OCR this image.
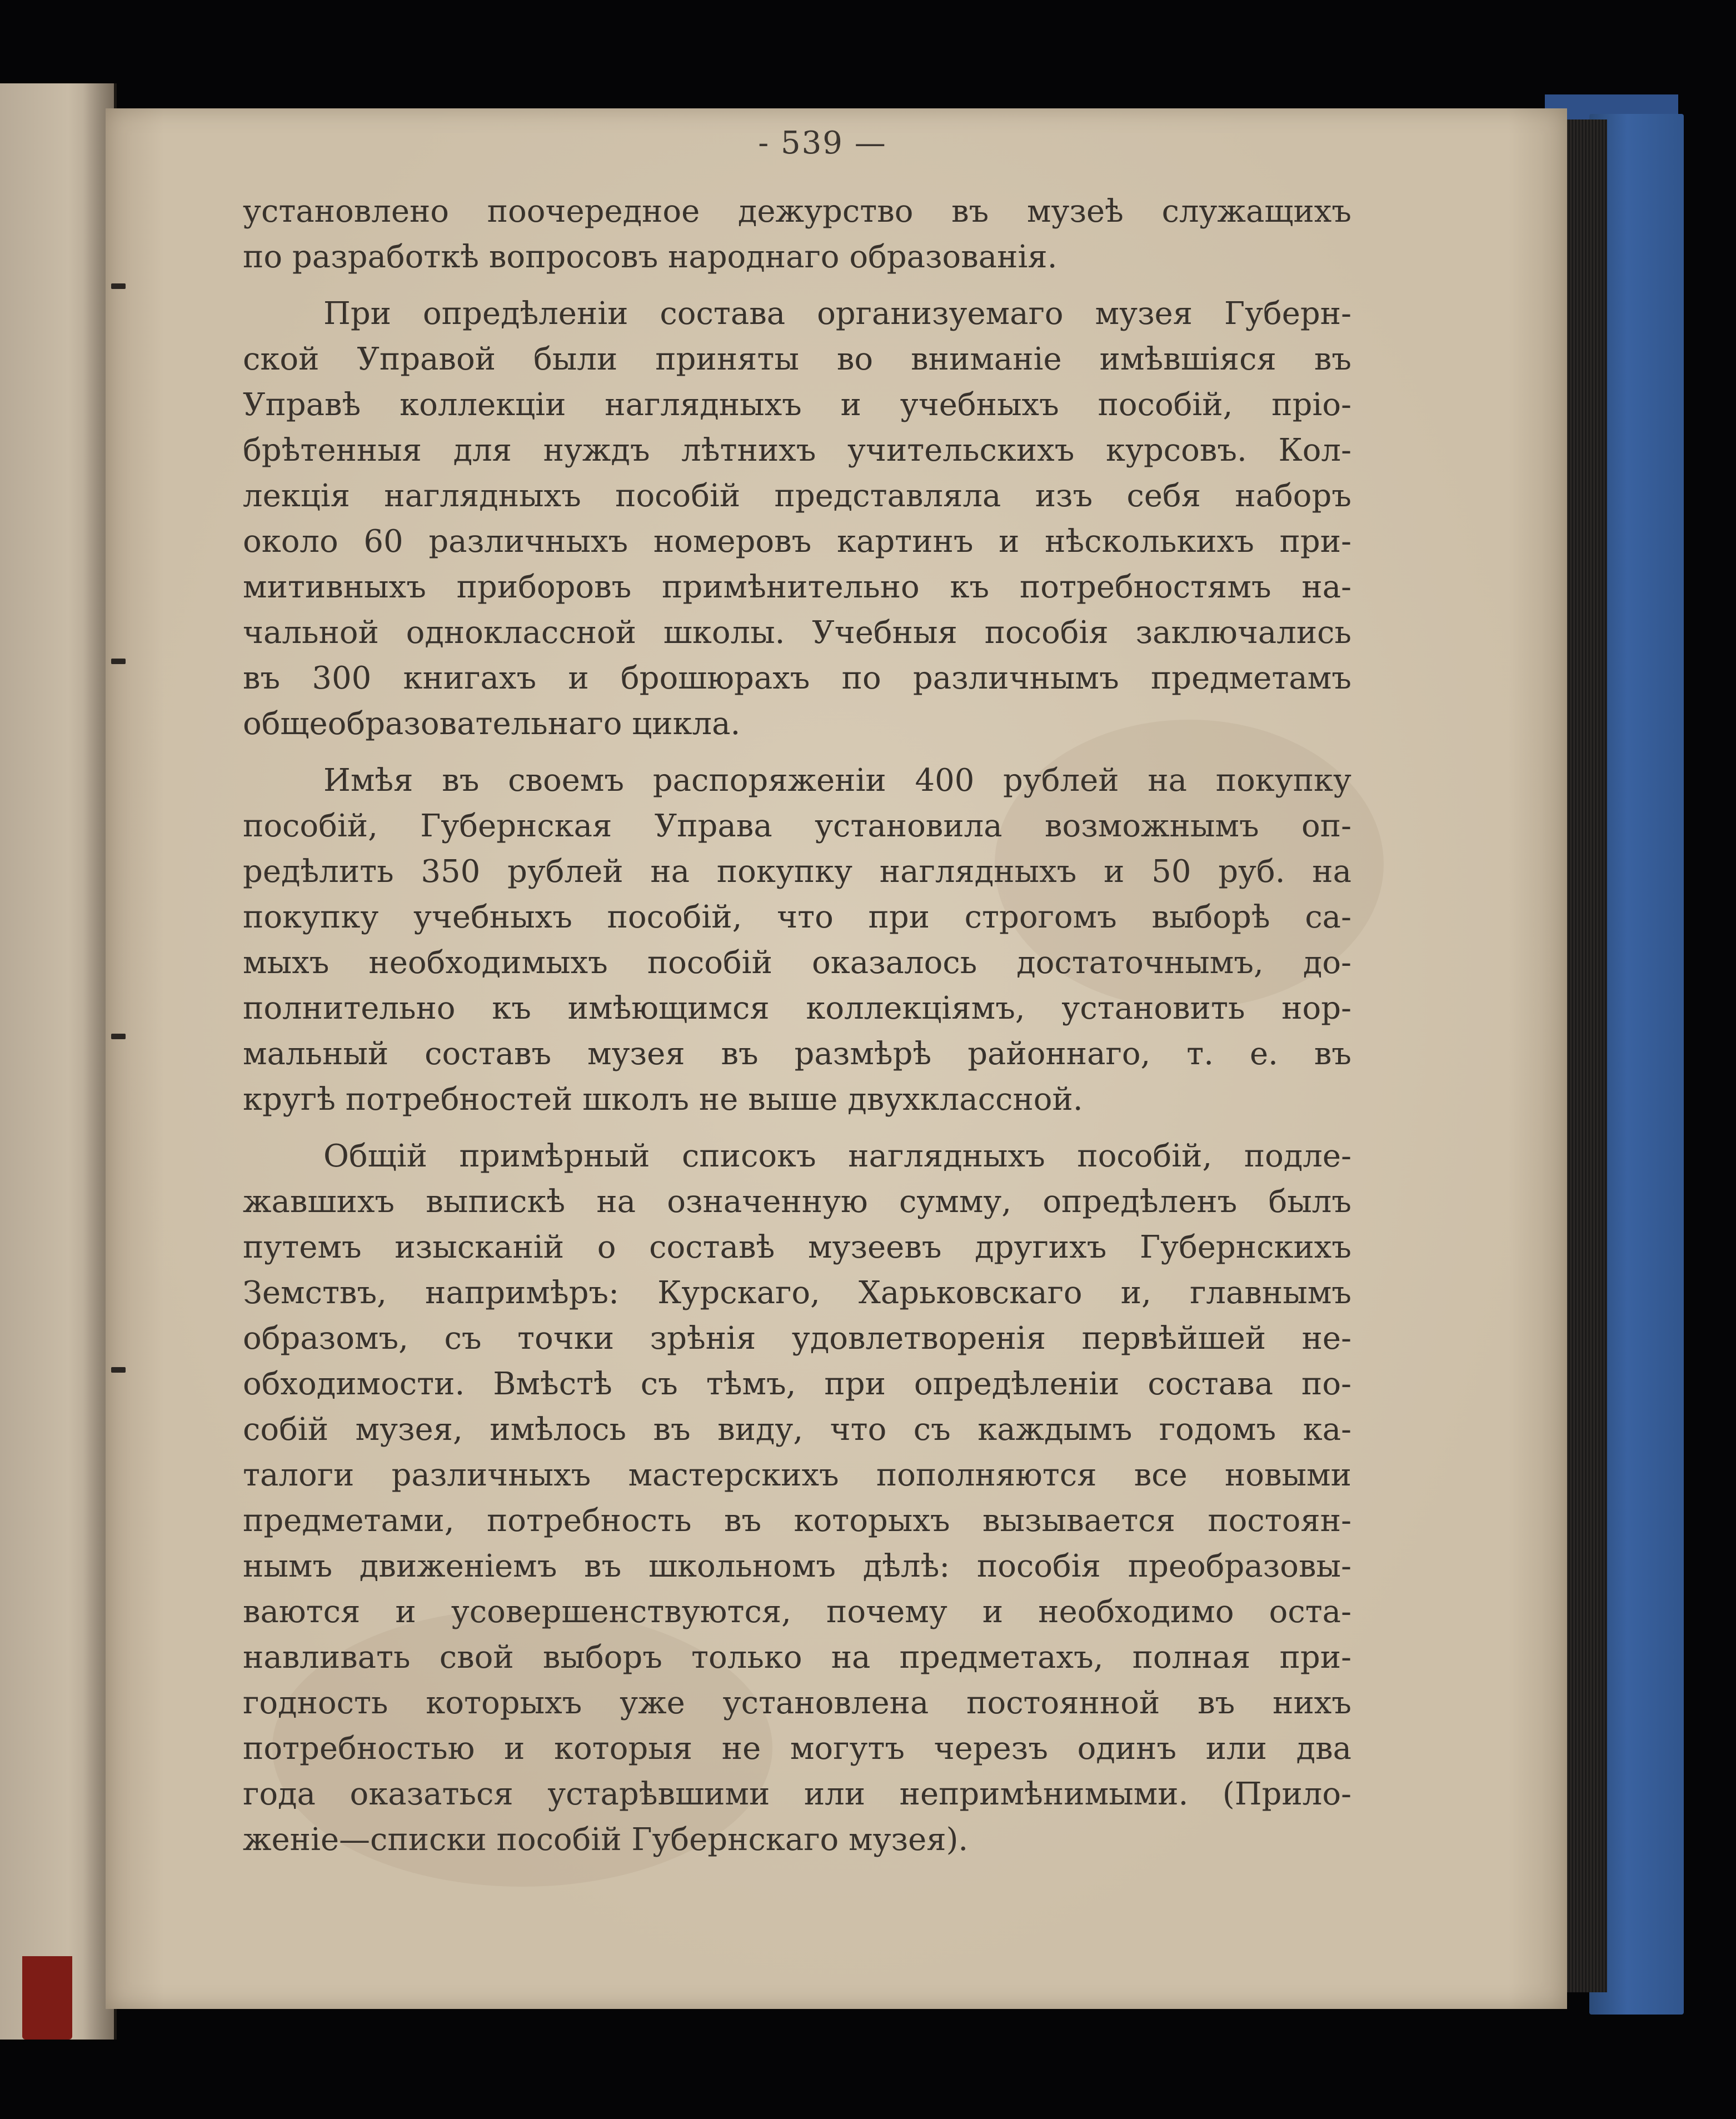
- 539 —
установлено поочередное дежурство въ музеѣ служащихъ
по разработкѣ вопросовъ народнаго образованія.
При опредѣленіи состава организуемаго музея Губерн-
ской Управой были приняты во вниманіе имѣвшіяся въ
Управѣ коллекціи наглядныхъ и учебныхъ пособій, пріо-
брѣтенныя для нуждъ лѣтнихъ учительскихъ курсовъ. Кол-
лекція наглядныхъ пособій представляла изъ себя наборъ
около 60 различныхъ номеровъ картинъ и нѣсколькихъ при-
митивныхъ приборовъ примѣнительно къ потребностямъ на-
чальной одноклассной школы. Учебныя пособія заключались
въ 300 книгахъ и брошюрахъ по различнымъ предметамъ
общеобразовательнаго цикла.
Имѣя въ своемъ распоряженіи 400 рублей на покупку
пособій, Губернская Управа установила возможнымъ оп-
редѣлить 350 рублей на покупку наглядныхъ и 50 руб. на
покупку учебныхъ пособій, что при строгомъ выборѣ са-
мыхъ необходимыхъ пособій оказалось достаточнымъ, до-
полнительно къ имѣющимся коллекціямъ, установить нор-
мальный составъ музея въ размѣрѣ районнаго, т. е. въ
кругѣ потребностей школъ не выше двухклассной.
Общій примѣрный списокъ наглядныхъ пособій, подле-
жавшихъ выпискѣ на означенную сумму, опредѣленъ былъ
путемъ изысканій о составѣ музеевъ другихъ Губернскихъ
Земствъ, напримѣръ: Курскаго, Харьковскаго и, главнымъ
образомъ, съ точки зрѣнія удовлетворенія первѣйшей не-
обходимости. Вмѣстѣ съ тѣмъ, при опредѣленіи состава по-
собій музея, имѣлось въ виду, что съ каждымъ годомъ ка-
талоги различныхъ мастерскихъ пополняются все новыми
предметами, потребность въ которыхъ вызывается постоян-
нымъ движеніемъ въ школьномъ дѣлѣ: пособія преобразовы-
ваются и усовершенствуются, почему и необходимо оста-
навливать свой выборъ только на предметахъ, полная при-
годность которыхъ уже установлена постоянной въ нихъ
потребностью и которыя не могутъ черезъ одинъ или два
года оказаться устарѣвшими или непримѣнимыми. (Прило-
женіе—списки пособій Губернскаго музея).
